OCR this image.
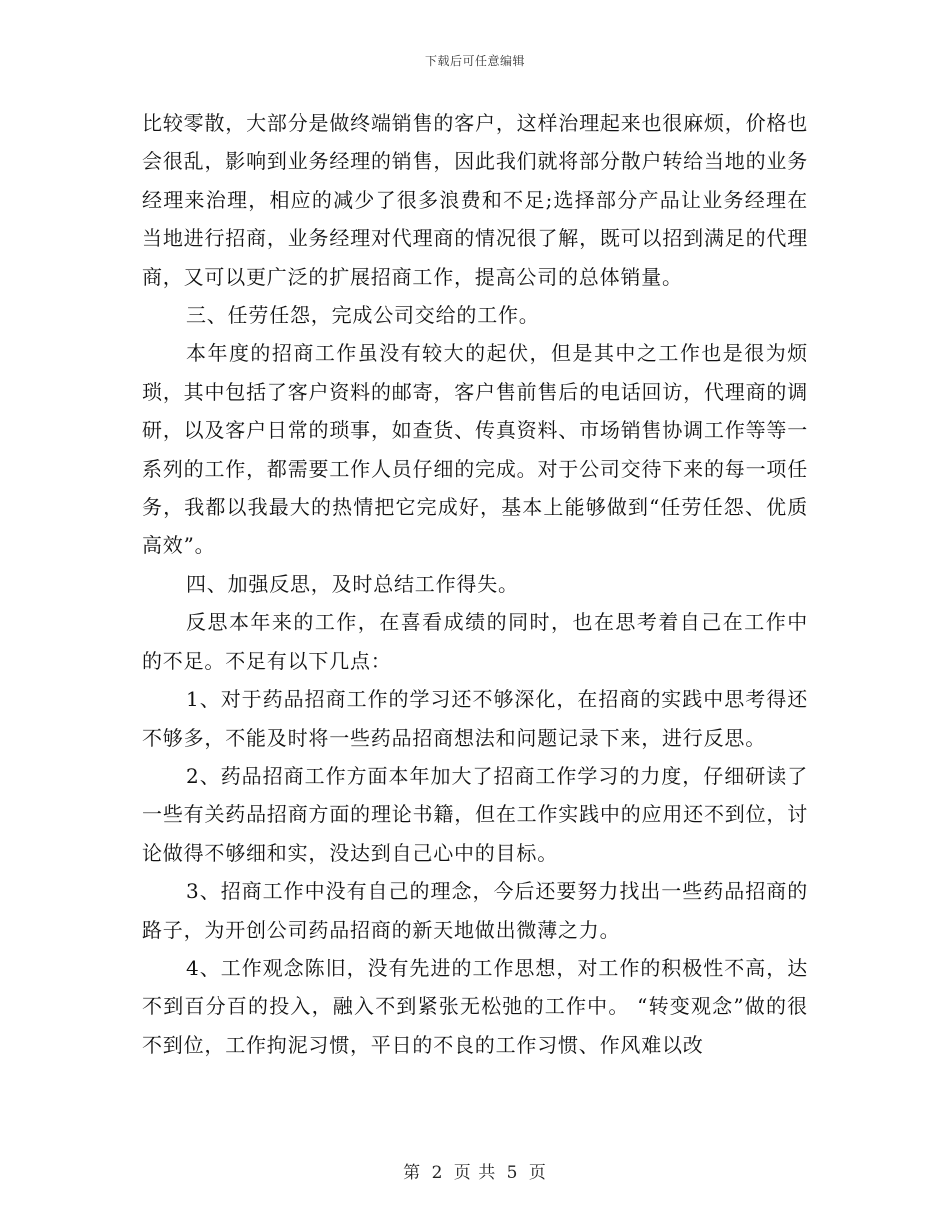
下载后可任意编辑

比较零散，大部分是做终端销售的客户，这样治理起来也很麻烦，价格也会很乱，影响到业务经理的销售，因此我们就将部分散户转给当地的业务经理来治理，相应的减少了很多浪费和不足;选择部分产品让业务经理在当地进行招商，业务经理对代理商的情况很了解，既可以招到满足的代理商，又可以更广泛的扩展招商工作，提高公司的总体销量。

三、任劳任怨，完成公司交给的工作。

本年度的招商工作虽没有较大的起伏，但是其中之工作也是很为烦琐，其中包括了客户资料的邮寄，客户售前售后的电话回访，代理商的调研，以及客户日常的琐事，如查货、传真资料、市场销售协调工作等等一系列的工作，都需要工作人员仔细的完成。对于公司交待下来的每一项任务，我都以我最大的热情把它完成好，基本上能够做到“任劳任怨、优质高效”。

四、加强反思，及时总结工作得失。

反思本年来的工作，在喜看成绩的同时，也在思考着自己在工作中的不足。不足有以下几点：

1、对于药品招商工作的学习还不够深化，在招商的实践中思考得还不够多，不能及时将一些药品招商想法和问题记录下来，进行反思。

2、药品招商工作方面本年加大了招商工作学习的力度，仔细研读了一些有关药品招商方面的理论书籍，但在工作实践中的应用还不到位，讨论做得不够细和实，没达到自己心中的目标。

3、招商工作中没有自己的理念，今后还要努力找出一些药品招商的路子，为开创公司药品招商的新天地做出微薄之力。

4、工作观念陈旧，没有先进的工作思想，对工作的积极性不高，达不到百分百的投入，融入不到紧张无松弛的工作中。 “转变观念”做的很不到位，工作拘泥习惯，平日的不良的工作习惯、作风难以改

第 2 页 共 5 页
